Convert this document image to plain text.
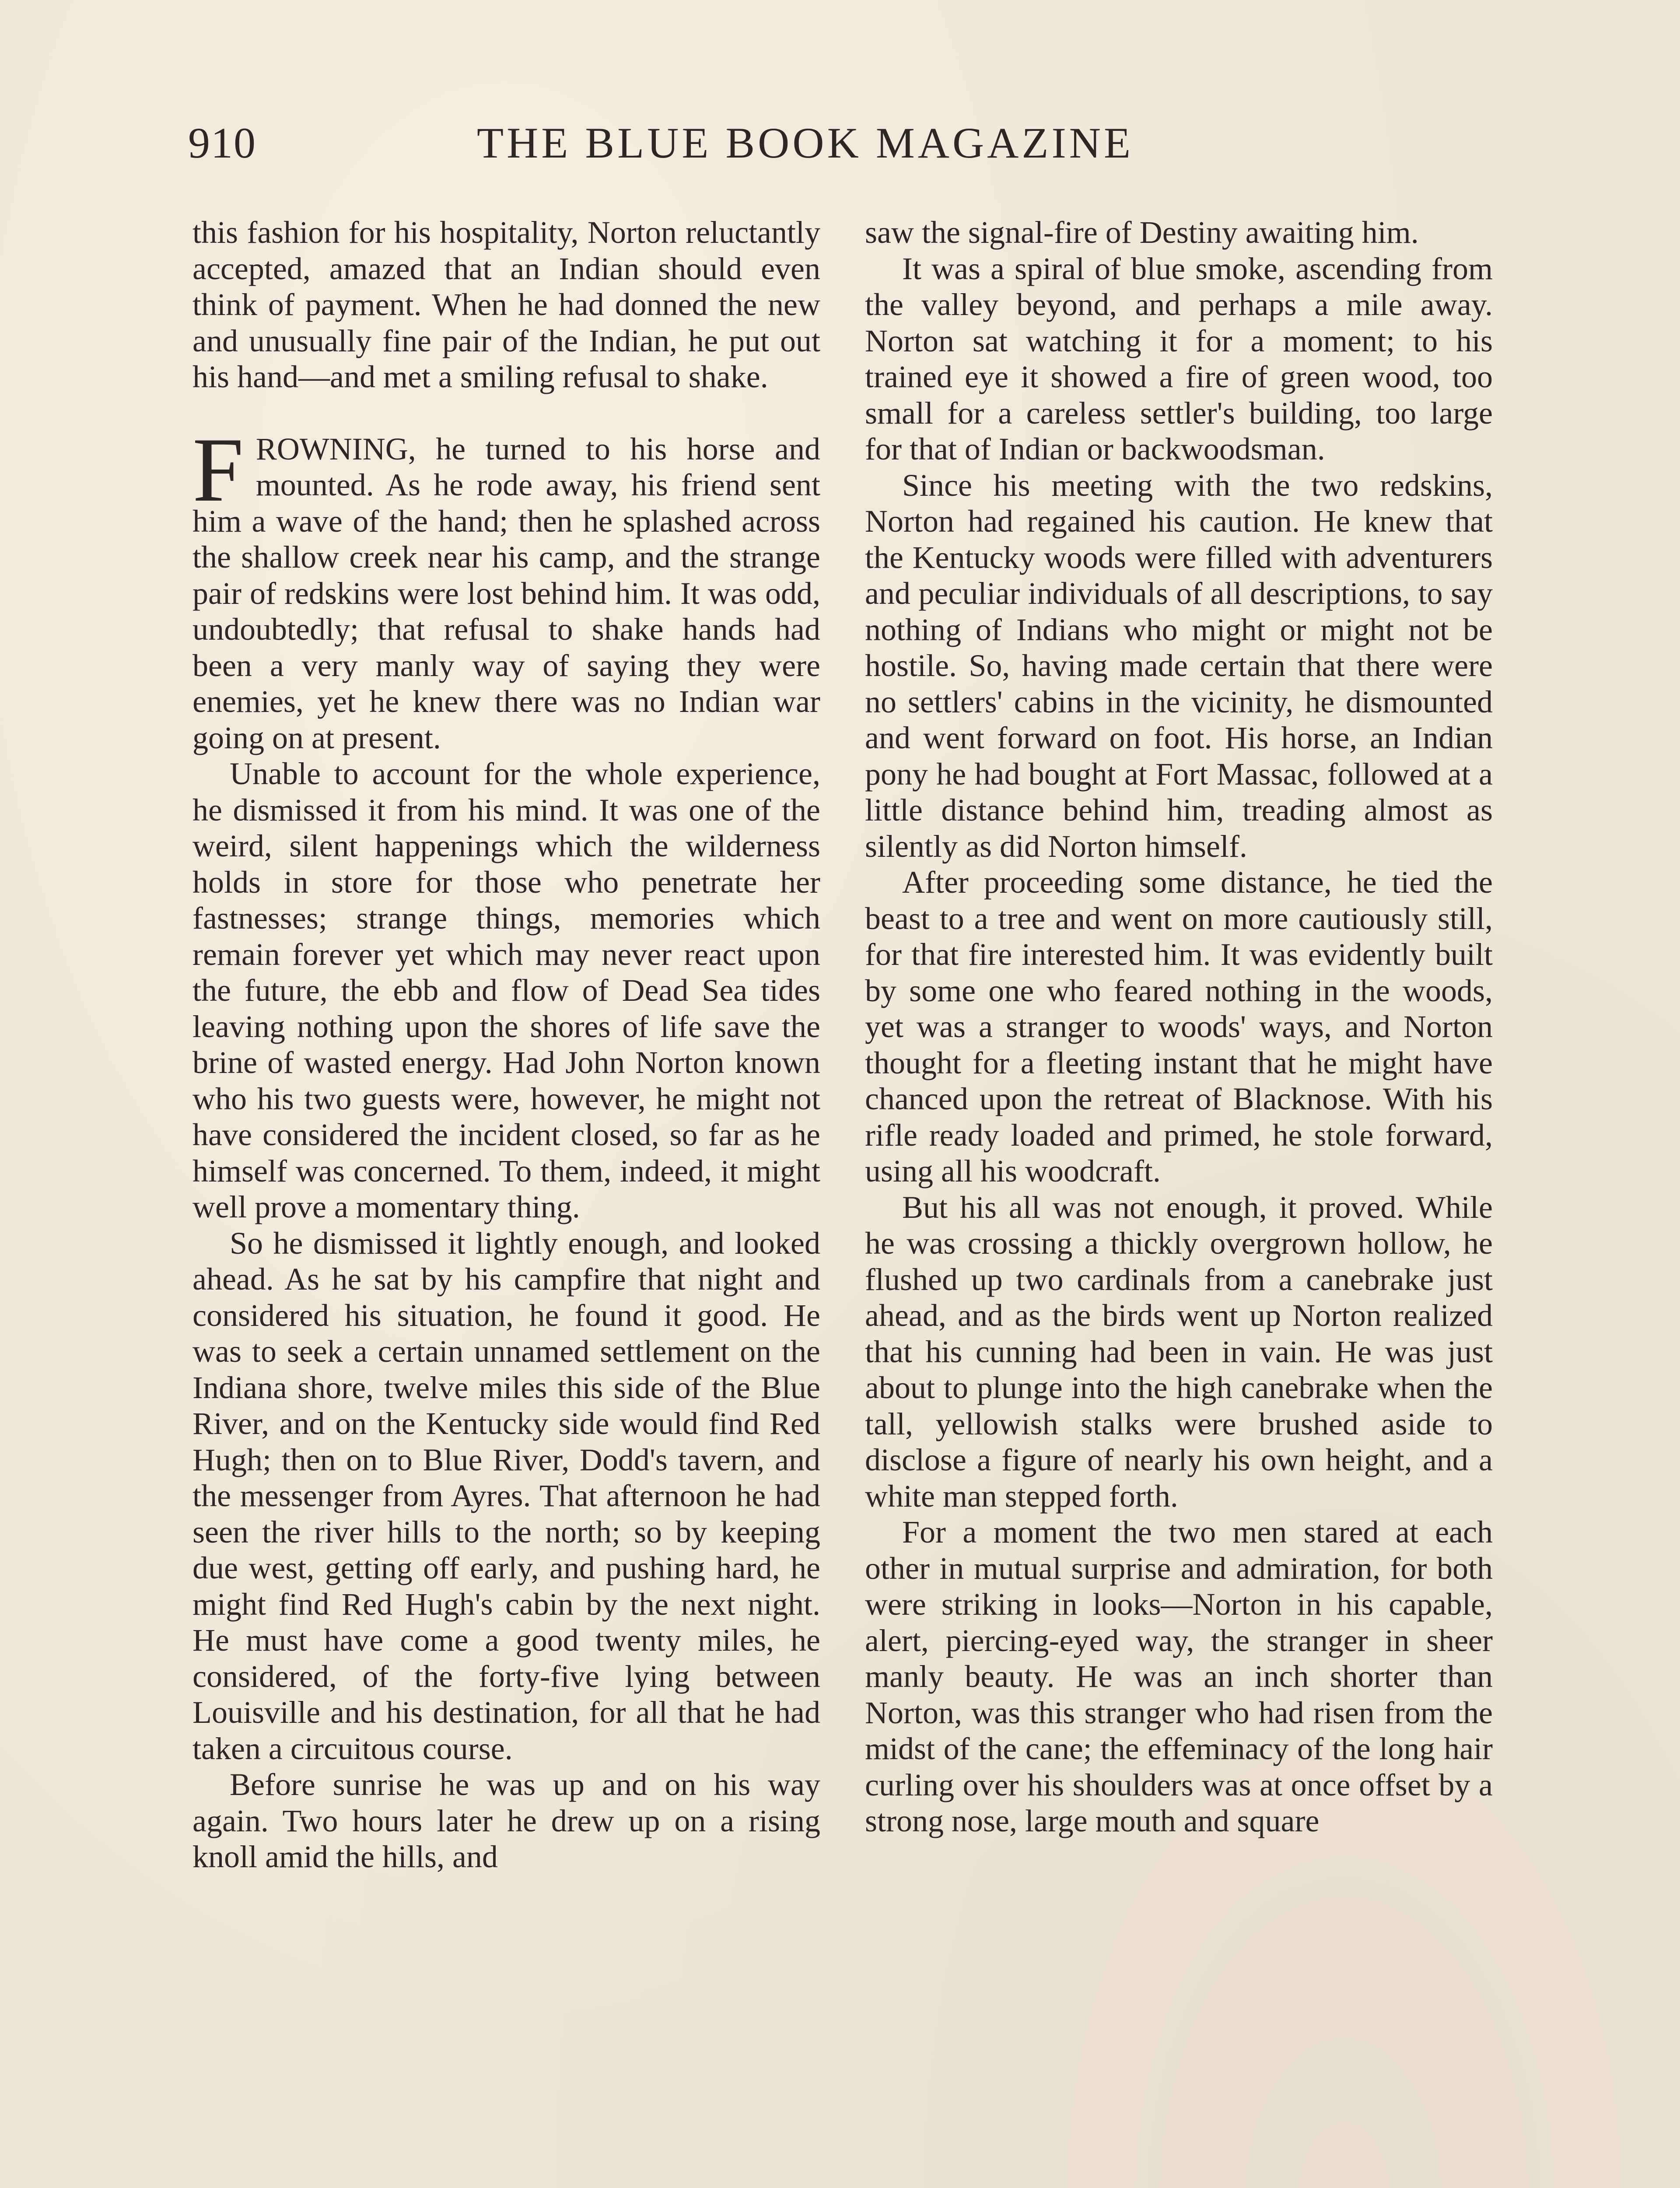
910	THE BLUE BOOK MAGAZINE

this fashion for his hospitality, Norton reluctantly accepted, amazed that an Indian should even think of payment. When he had donned the new and unusually fine pair of the Indian, he put out his hand—and met a smiling refusal to shake.

FROWNING, he turned to his horse and mounted. As he rode away, his friend sent him a wave of the hand; then he splashed across the shallow creek near his camp, and the strange pair of redskins were lost behind him. It was odd, undoubtedly; that refusal to shake hands had been a very manly way of saying they were enemies, yet he knew there was no Indian war going on at present.

Unable to account for the whole experience, he dismissed it from his mind. It was one of the weird, silent happenings which the wilderness holds in store for those who penetrate her fastnesses; strange things, memories which remain forever yet which may never react upon the future, the ebb and flow of Dead Sea tides leaving nothing upon the shores of life save the brine of wasted energy. Had John Norton known who his two guests were, however, he might not have considered the incident closed, so far as he himself was concerned. To them, indeed, it might well prove a momentary thing.

So he dismissed it lightly enough, and looked ahead. As he sat by his campfire that night and considered his situation, he found it good. He was to seek a certain unnamed settlement on the Indiana shore, twelve miles this side of the Blue River, and on the Kentucky side would find Red Hugh; then on to Blue River, Dodd's tavern, and the messenger from Ayres. That afternoon he had seen the river hills to the north; so by keeping due west, getting off early, and pushing hard, he might find Red Hugh's cabin by the next night. He must have come a good twenty miles, he considered, of the forty-five lying between Louisville and his destination, for all that he had taken a circuitous course.

Before sunrise he was up and on his way again. Two hours later he drew up on a rising knoll amid the hills, and

saw the signal-fire of Destiny awaiting him.

It was a spiral of blue smoke, ascending from the valley beyond, and perhaps a mile away. Norton sat watching it for a moment; to his trained eye it showed a fire of green wood, too small for a careless settler's building, too large for that of Indian or backwoodsman.

Since his meeting with the two redskins, Norton had regained his caution. He knew that the Kentucky woods were filled with adventurers and peculiar individuals of all descriptions, to say nothing of Indians who might or might not be hostile. So, having made certain that there were no settlers' cabins in the vicinity, he dismounted and went forward on foot. His horse, an Indian pony he had bought at Fort Massac, followed at a little distance behind him, treading almost as silently as did Norton himself.

After proceeding some distance, he tied the beast to a tree and went on more cautiously still, for that fire interested him. It was evidently built by some one who feared nothing in the woods, yet was a stranger to woods' ways, and Norton thought for a fleeting instant that he might have chanced upon the retreat of Blacknose. With his rifle ready loaded and primed, he stole forward, using all his woodcraft.

But his all was not enough, it proved. While he was crossing a thickly overgrown hollow, he flushed up two cardinals from a canebrake just ahead, and as the birds went up Norton realized that his cunning had been in vain. He was just about to plunge into the high canebrake when the tall, yellowish stalks were brushed aside to disclose a figure of nearly his own height, and a white man stepped forth.

For a moment the two men stared at each other in mutual surprise and admiration, for both were striking in looks—Norton in his capable, alert, piercing-eyed way, the stranger in sheer manly beauty. He was an inch shorter than Norton, was this stranger who had risen from the midst of the cane; the effeminacy of the long hair curling over his shoulders was at once offset by a strong nose, large mouth and square
